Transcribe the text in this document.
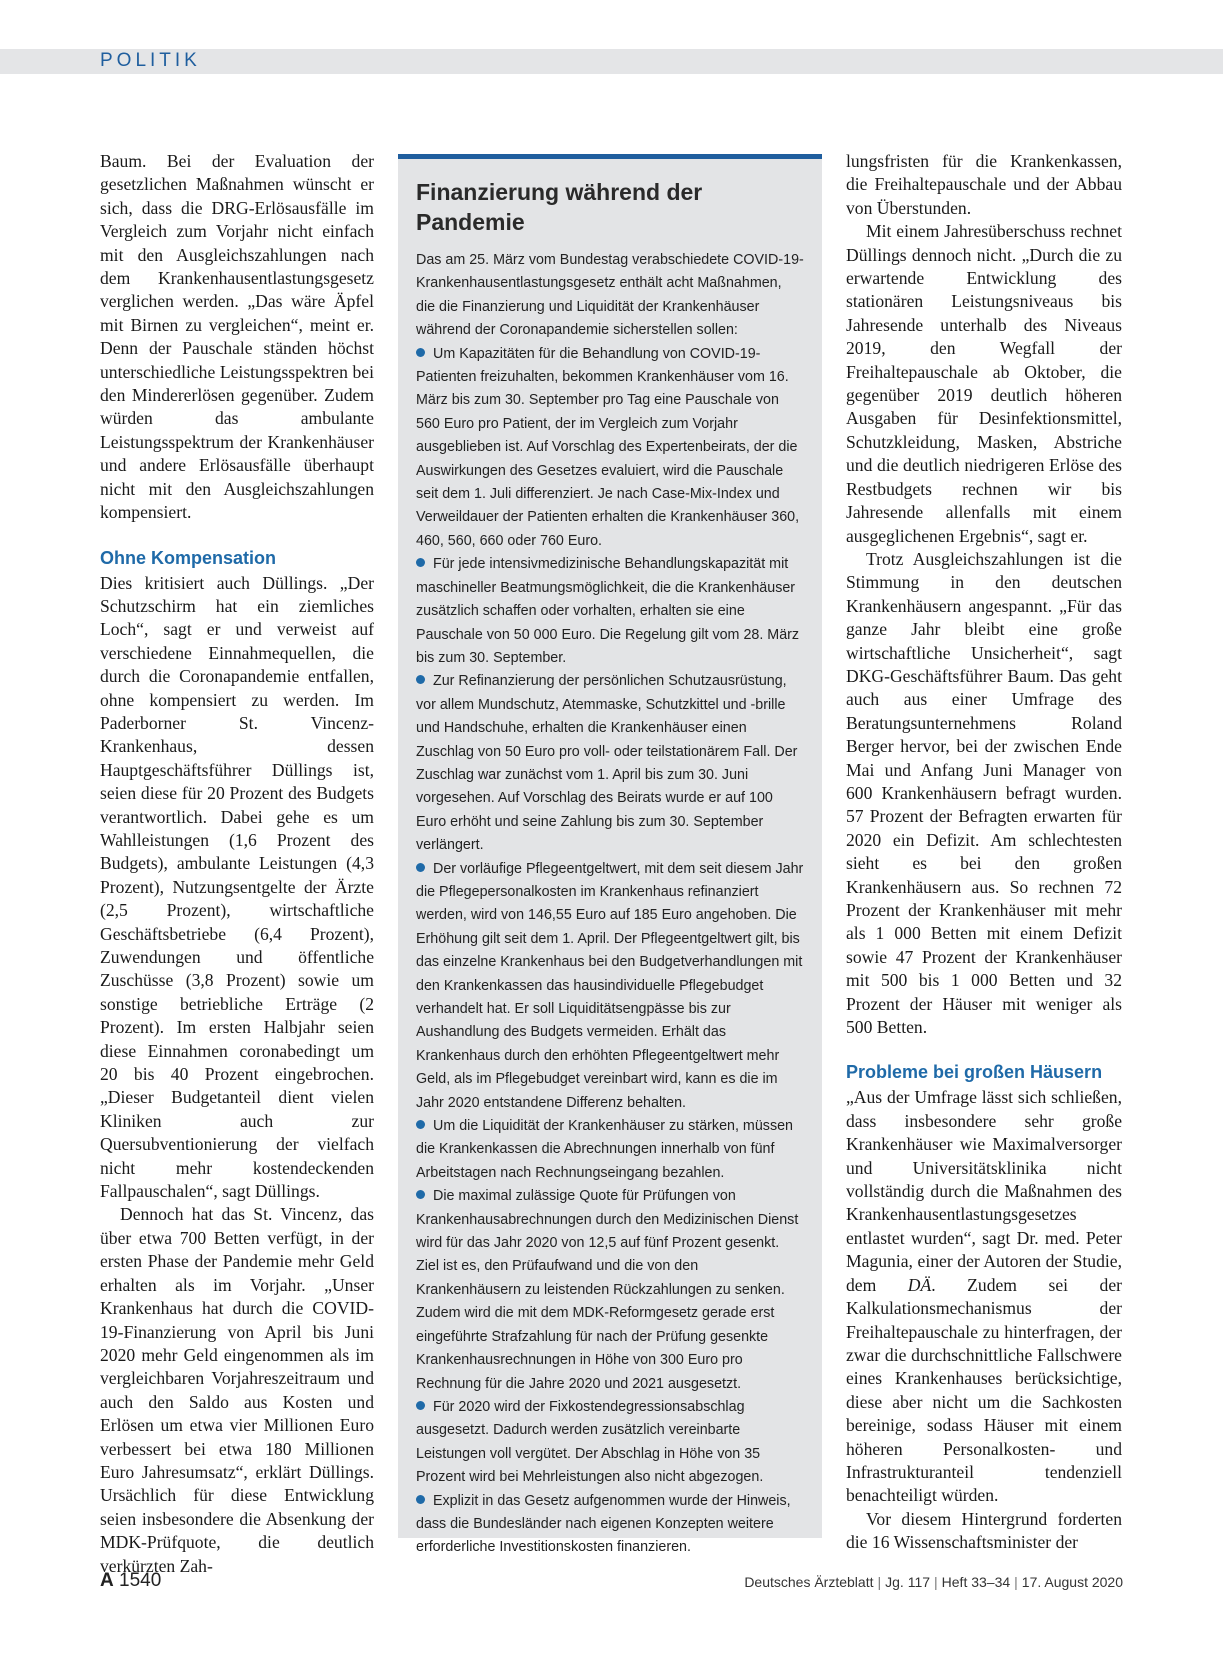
POLITIK

Baum. Bei der Evaluation der gesetzlichen Maßnahmen wünscht er sich, dass die DRG-Erlösausfälle im Vergleich zum Vorjahr nicht einfach mit den Ausgleichszahlungen nach dem Krankenhausentlastungsgesetz verglichen werden. „Das wäre Äpfel mit Birnen zu vergleichen“, meint er. Denn der Pauschale ständen höchst unterschiedliche Leistungsspektren bei den Mindererlösen gegenüber. Zudem würden das ambulante Leistungsspektrum der Krankenhäuser und andere Erlösausfälle überhaupt nicht mit den Ausgleichszahlungen kompensiert.

Ohne Kompensation

Dies kritisiert auch Düllings. „Der Schutzschirm hat ein ziemliches Loch“, sagt er und verweist auf verschiedene Einnahmequellen, die durch die Coronapandemie entfallen, ohne kompensiert zu werden. Im Paderborner St. Vincenz-Krankenhaus, dessen Hauptgeschäftsführer Düllings ist, seien diese für 20 Prozent des Budgets verantwortlich. Dabei gehe es um Wahlleistungen (1,6 Prozent des Budgets), ambulante Leistungen (4,3 Prozent), Nutzungsentgelte der Ärzte (2,5 Prozent), wirtschaftliche Geschäftsbetriebe (6,4 Prozent), Zuwendungen und öffentliche Zuschüsse (3,8 Prozent) sowie um sonstige betriebliche Erträge (2 Prozent). Im ersten Halbjahr seien diese Einnahmen coronabedingt um 20 bis 40 Prozent eingebrochen. „Dieser Budgetanteil dient vielen Kliniken auch zur Quersubventionierung der vielfach nicht mehr kostendeckenden Fallpauschalen“, sagt Düllings.

Dennoch hat das St. Vincenz, das über etwa 700 Betten verfügt, in der ersten Phase der Pandemie mehr Geld erhalten als im Vorjahr. „Unser Krankenhaus hat durch die COVID-19-Finanzierung von April bis Juni 2020 mehr Geld eingenommen als im vergleichbaren Vorjahreszeitraum und auch den Saldo aus Kosten und Erlösen um etwa vier Millionen Euro verbessert bei etwa 180 Millionen Euro Jahresumsatz“, erklärt Düllings. Ursächlich für diese Entwicklung seien insbesondere die Absenkung der MDK-Prüfquote, die deutlich verkürzten Zah-

Finanzierung während der Pandemie

Das am 25. März vom Bundestag verabschiedete COVID-19-Krankenhausentlastungsgesetz enthält acht Maßnahmen, die die Finanzierung und Liquidität der Krankenhäuser während der Coronapandemie sicherstellen sollen:

Um Kapazitäten für die Behandlung von COVID-19-Patienten freizuhalten, bekommen Krankenhäuser vom 16. März bis zum 30. September pro Tag eine Pauschale von 560 Euro pro Patient, der im Vergleich zum Vorjahr ausgeblieben ist. Auf Vorschlag des Expertenbeirats, der die Auswirkungen des Gesetzes evaluiert, wird die Pauschale seit dem 1. Juli differenziert. Je nach Case-Mix-Index und Verweildauer der Patienten erhalten die Krankenhäuser 360, 460, 560, 660 oder 760 Euro.

Für jede intensivmedizinische Behandlungskapazität mit maschineller Beatmungsmöglichkeit, die die Krankenhäuser zusätzlich schaffen oder vorhalten, erhalten sie eine Pauschale von 50 000 Euro. Die Regelung gilt vom 28. März bis zum 30. September.

Zur Refinanzierung der persönlichen Schutzausrüstung, vor allem Mundschutz, Atemmaske, Schutzkittel und -brille und Handschuhe, erhalten die Krankenhäuser einen Zuschlag von 50 Euro pro voll- oder teilstationärem Fall. Der Zuschlag war zunächst vom 1. April bis zum 30. Juni vorgesehen. Auf Vorschlag des Beirats wurde er auf 100 Euro erhöht und seine Zahlung bis zum 30. September verlängert.

Der vorläufige Pflegeentgeltwert, mit dem seit diesem Jahr die Pflegepersonalkosten im Krankenhaus refinanziert werden, wird von 146,55 Euro auf 185 Euro angehoben. Die Erhöhung gilt seit dem 1. April. Der Pflegeentgeltwert gilt, bis das einzelne Krankenhaus bei den Budgetverhandlungen mit den Krankenkassen das hausindividuelle Pflegebudget verhandelt hat. Er soll Liquiditätsengpässe bis zur Aushandlung des Budgets vermeiden. Erhält das Krankenhaus durch den erhöhten Pflegeentgeltwert mehr Geld, als im Pflegebudget vereinbart wird, kann es die im Jahr 2020 entstandene Differenz behalten.

Um die Liquidität der Krankenhäuser zu stärken, müssen die Krankenkassen die Abrechnungen innerhalb von fünf Arbeitstagen nach Rechnungseingang bezahlen.

Die maximal zulässige Quote für Prüfungen von Krankenhausabrechnungen durch den Medizinischen Dienst wird für das Jahr 2020 von 12,5 auf fünf Prozent gesenkt. Ziel ist es, den Prüfaufwand und die von den Krankenhäusern zu leistenden Rückzahlungen zu senken. Zudem wird die mit dem MDK-Reformgesetz gerade erst eingeführte Strafzahlung für nach der Prüfung gesenkte Krankenhausrechnungen in Höhe von 300 Euro pro Rechnung für die Jahre 2020 und 2021 ausgesetzt.

Für 2020 wird der Fixkostendegressionsabschlag ausgesetzt. Dadurch werden zusätzlich vereinbarte Leistungen voll vergütet. Der Abschlag in Höhe von 35 Prozent wird bei Mehrleistungen also nicht abgezogen.

Explizit in das Gesetz aufgenommen wurde der Hinweis, dass die Bundesländer nach eigenen Konzepten weitere erforderliche Investitionskosten finanzieren.

lungsfristen für die Krankenkassen, die Freihaltepauschale und der Abbau von Überstunden.

Mit einem Jahresüberschuss rechnet Düllings dennoch nicht. „Durch die zu erwartende Entwicklung des stationären Leistungsniveaus bis Jahresende unterhalb des Niveaus 2019, den Wegfall der Freihaltepauschale ab Oktober, die gegenüber 2019 deutlich höheren Ausgaben für Desinfektionsmittel, Schutzkleidung, Masken, Abstriche und die deutlich niedrigeren Erlöse des Restbudgets rechnen wir bis Jahresende allenfalls mit einem ausgeglichenen Ergebnis“, sagt er.

Trotz Ausgleichszahlungen ist die Stimmung in den deutschen Krankenhäusern angespannt. „Für das ganze Jahr bleibt eine große wirtschaftliche Unsicherheit“, sagt DKG-Geschäftsführer Baum. Das geht auch aus einer Umfrage des Beratungsunternehmens Roland Berger hervor, bei der zwischen Ende Mai und Anfang Juni Manager von 600 Krankenhäusern befragt wurden. 57 Prozent der Befragten erwarten für 2020 ein Defizit. Am schlechtesten sieht es bei den großen Krankenhäusern aus. So rechnen 72 Prozent der Krankenhäuser mit mehr als 1 000 Betten mit einem Defizit sowie 47 Prozent der Krankenhäuser mit 500 bis 1 000 Betten und 32 Prozent der Häuser mit weniger als 500 Betten.

Probleme bei großen Häusern

„Aus der Umfrage lässt sich schließen, dass insbesondere sehr große Krankenhäuser wie Maximalversorger und Universitätsklinika nicht vollständig durch die Maßnahmen des Krankenhausentlastungsgesetzes entlastet wurden“, sagt Dr. med. Peter Magunia, einer der Autoren der Studie, dem DÄ. Zudem sei der Kalkulationsmechanismus der Freihaltepauschale zu hinterfragen, der zwar die durchschnittliche Fallschwere eines Krankenhauses berücksichtige, diese aber nicht um die Sachkosten bereinige, sodass Häuser mit einem höheren Personalkosten- und Infrastrukturanteil tendenziell benachteiligt würden.

Vor diesem Hintergrund forderten die 16 Wissenschaftsminister der

A 1540	Deutsches Ärzteblatt | Jg. 117 | Heft 33–34 | 17. August 2020
